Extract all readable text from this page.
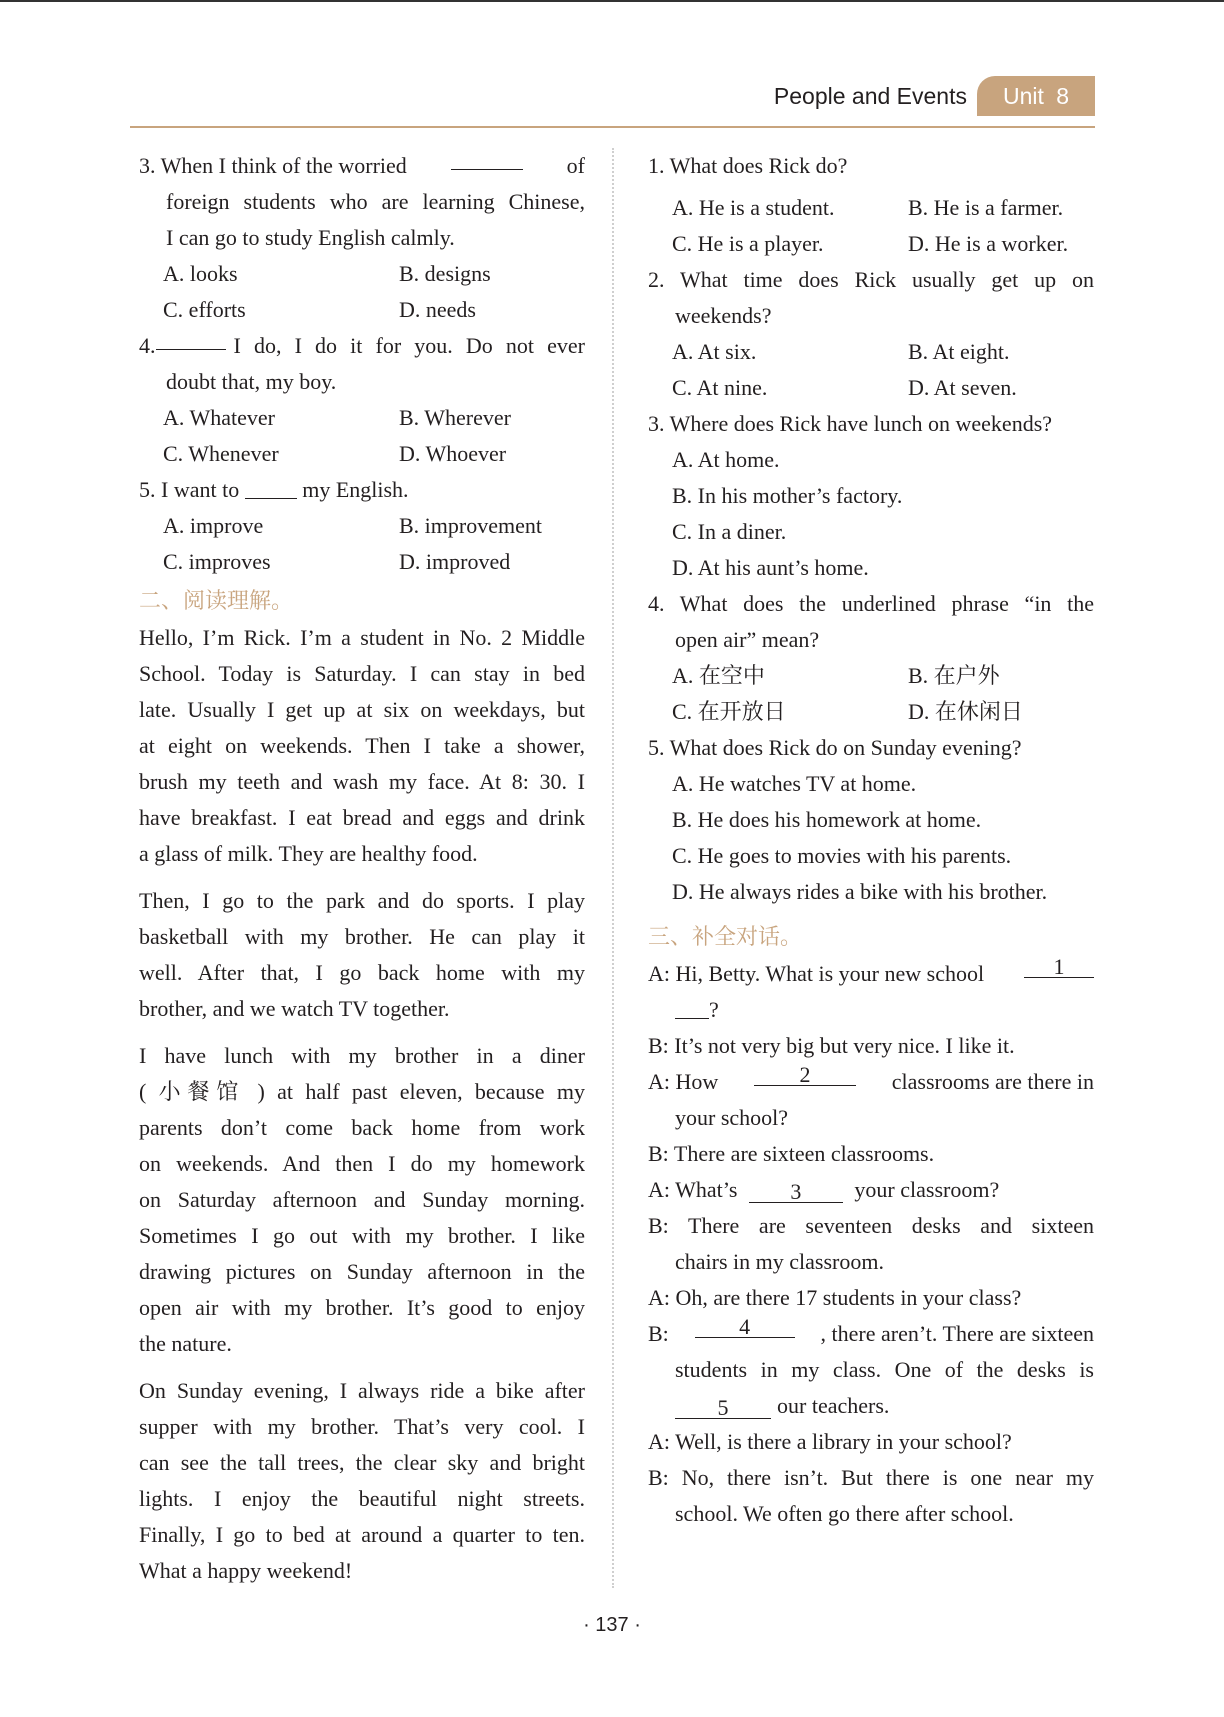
People and Events	Unit 8
3. When I think of the worried	of
foreign students who are learning Chinese,
I can go to study English calmly.
A. looks	B. designs
C. efforts	D. needs
4.	I do, I do it for you. Do not ever
doubt that, my boy.
A. Whatever	B. Wherever
C. Whenever	D. Whoever
5. I want to	my English.
A. improve	B. improvement
C. improves	D. improved
二、阅读理解。
Hello, I’m Rick. I’m a student in No. 2 Middle
School. Today is Saturday. I can stay in bed
late. Usually I get up at six on weekdays, but
at eight on weekends. Then I take a shower,
brush my teeth and wash my face. At 8: 30. I
have breakfast. I eat bread and eggs and drink
a glass of milk. They are healthy food.
Then, I go to the park and do sports. I play
basketball with my brother. He can play it
well. After that, I go back home with my
brother, and we watch TV together.
I have lunch with my brother in a diner
( 小餐馆 ) at half past eleven, because my
parents don’t come back home from work
on weekends. And then I do my homework
on Saturday afternoon and Sunday morning.
Sometimes I go out with my brother. I like
drawing pictures on Sunday afternoon in the
open air with my brother. It’s good to enjoy
the nature.
On Sunday evening, I always ride a bike after
supper with my brother. That’s very cool. I
can see the tall trees, the clear sky and bright
lights. I enjoy the beautiful night streets.
Finally, I go to bed at around a quarter to ten.
What a happy weekend!
1. What does Rick do?
A. He is a student.	B. He is a farmer.
C. He is a player.	D. He is a worker.
2. What time does Rick usually get up on
weekends?
A. At six.	B. At eight.
C. At nine.	D. At seven.
3. Where does Rick have lunch on weekends?
A. At home.
B. In his mother’s factory.
C. In a diner.
D. At his aunt’s home.
4. What does the underlined phrase “in the
open air” mean?
A. 在空中	B. 在户外
C. 在开放日	D. 在休闲日
5. What does Rick do on Sunday evening?
A. He watches TV at home.
B. He does his homework at home.
C. He goes to movies with his parents.
D. He always rides a bike with his brother.
三、补全对话。
A: Hi, Betty. What is your new school	1
?
B: It’s not very big but very nice. I like it.
A: How	2	classrooms are there in
your school?
B: There are sixteen classrooms.
A: What’s 3 your classroom?
B: There are seventeen desks and sixteen
chairs in my classroom.
A: Oh, are there 17 students in your class?
B:	4	, there aren’t. There are sixteen
students in my class. One of the desks is
5 our teachers.
A: Well, is there a library in your school?
B: No, there isn’t. But there is one near my
school. We often go there after school.
· 137 ·
